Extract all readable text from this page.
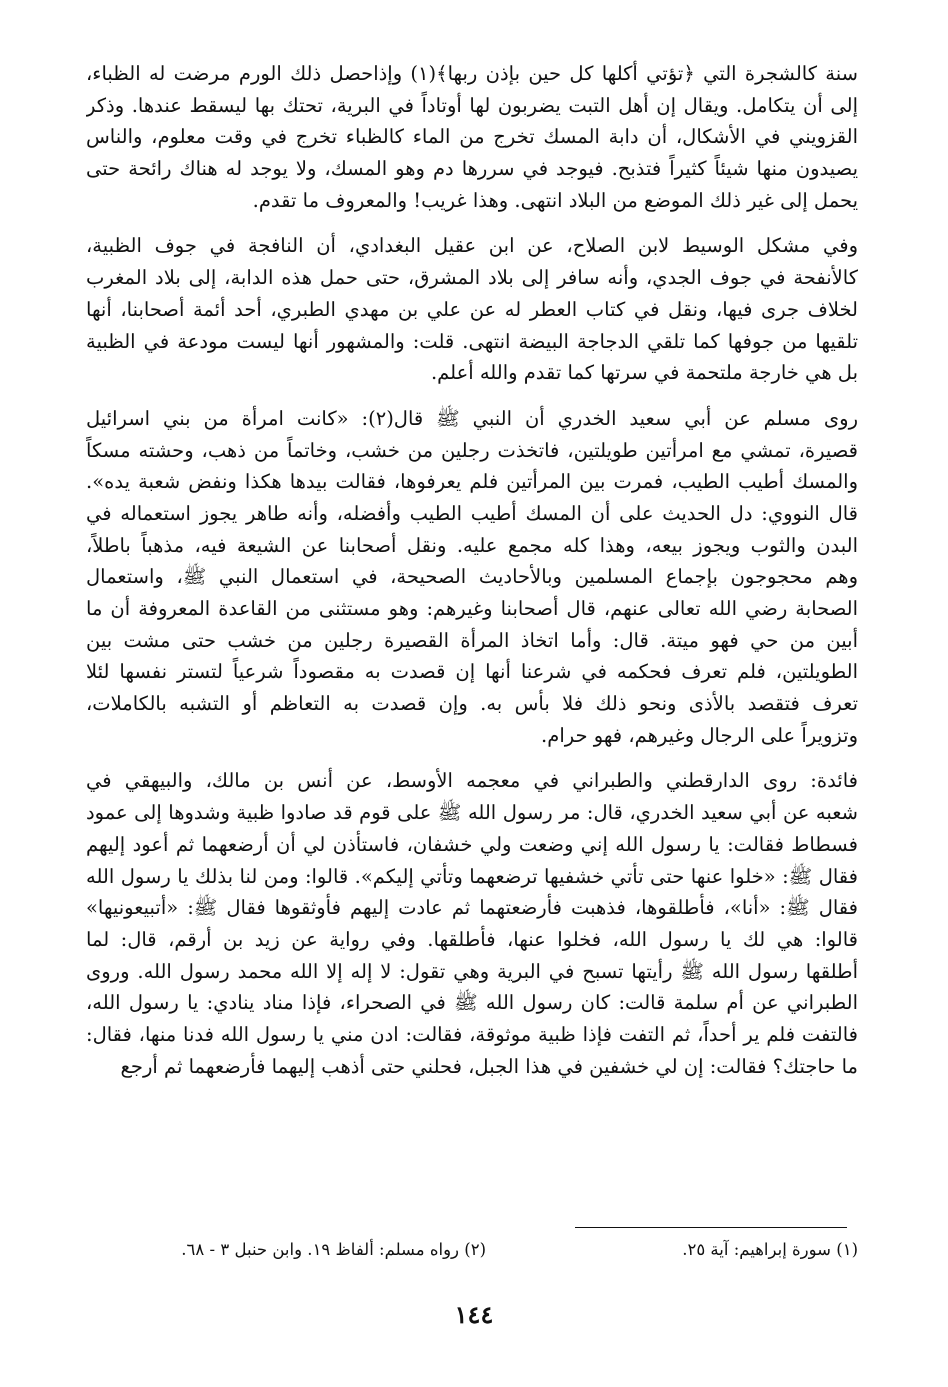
سنة كالشجرة التي ﴿تؤتي أكلها كل حين بإذن ربها﴾(١) وإذاحصل ذلك الورم مرضت له الظباء،
إلى أن يتكامل. ويقال إن أهل التبت يضربون لها أوتاداً في البرية، تحتك بها ليسقط عندها. وذكر
القزويني في الأشكال، أن دابة المسك تخرج من الماء كالظباء تخرج في وقت معلوم، والناس
يصيدون منها شيئاً كثيراً فتذبح. فيوجد في سررها دم وهو المسك، ولا يوجد له هناك رائحة حتى
يحمل إلى غير ذلك الموضع من البلاد انتهى. وهذا غريب! والمعروف ما تقدم.
وفي مشكل الوسيط لابن الصلاح، عن ابن عقيل البغدادي، أن النافجة في جوف الظبية،
كالأنفحة في جوف الجدي، وأنه سافر إلى بلاد المشرق، حتى حمل هذه الدابة، إلى بلاد المغرب
لخلاف جرى فيها، ونقل في كتاب العطر له عن علي بن مهدي الطبري، أحد أئمة أصحابنا، أنها
تلقيها من جوفها كما تلقي الدجاجة البيضة انتهى. قلت: والمشهور أنها ليست مودعة في الظبية
بل هي خارجة ملتحمة في سرتها كما تقدم والله أعلم.
روى مسلم عن أبي سعيد الخدري أن النبي ﷺ قال(٢): «كانت امرأة من بني اسرائيل
قصيرة، تمشي مع امرأتين طويلتين، فاتخذت رجلين من خشب، وخاتماً من ذهب، وحشته مسكاً
والمسك أطيب الطيب، فمرت بين المرأتين فلم يعرفوها، فقالت بيدها هكذا ونفض شعبة يده».
قال النووي: دل الحديث على أن المسك أطيب الطيب وأفضله، وأنه طاهر يجوز استعماله في
البدن والثوب ويجوز بيعه، وهذا كله مجمع عليه. ونقل أصحابنا عن الشيعة فيه، مذهباً باطلاً،
وهم محجوجون بإجماع المسلمين وبالأحاديث الصحيحة، في استعمال النبي ﷺ، واستعمال
الصحابة رضي الله تعالى عنهم، قال أصحابنا وغيرهم: وهو مستثنى من القاعدة المعروفة أن ما
أبين من حي فهو ميتة. قال: وأما اتخاذ المرأة القصيرة رجلين من خشب حتى مشت بين
الطويلتين، فلم تعرف فحكمه في شرعنا أنها إن قصدت به مقصوداً شرعياً لتستر نفسها لئلا
تعرف فتقصد بالأذى ونحو ذلك فلا بأس به. وإن قصدت به التعاظم أو التشبه بالكاملات،
وتزويراً على الرجال وغيرهم، فهو حرام.
فائدة: روى الدارقطني والطبراني في معجمه الأوسط، عن أنس بن مالك، والبيهقي في
شعبه عن أبي سعيد الخدري، قال: مر رسول الله ﷺ على قوم قد صادوا ظبية وشدوها إلى عمود
فسطاط فقالت: يا رسول الله إني وضعت ولي خشفان، فاستأذن لي أن أرضعهما ثم أعود إليهم
فقال ﷺ: «خلوا عنها حتى تأتي خشفيها ترضعهما وتأتي إليكم». قالوا: ومن لنا بذلك يا رسول الله
فقال ﷺ: «أنا»، فأطلقوها، فذهبت فأرضعتهما ثم عادت إليهم فأوثقوها فقال ﷺ: «أتبيعونيها»
قالوا: هي لك يا رسول الله، فخلوا عنها، فأطلقها. وفي رواية عن زيد بن أرقم، قال: لما
أطلقها رسول الله ﷺ رأيتها تسبح في البرية وهي تقول: لا إله إلا الله محمد رسول الله. وروى
الطبراني عن أم سلمة قالت: كان رسول الله ﷺ في الصحراء، فإذا مناد ينادي: يا رسول الله،
فالتفت فلم ير أحداً، ثم التفت فإذا ظبية موثوقة، فقالت: ادن مني يا رسول الله فدنا منها، فقال:
ما حاجتك؟ فقالت: إن لي خشفين في هذا الجبل، فحلني حتى أذهب إليهما فأرضعهما ثم أرجع
(١) سورة إبراهيم: آية ٢٥.
(٢) رواه مسلم: ألفاظ ١٩. وابن حنبل ٣ - ٦٨.
١٤٤
